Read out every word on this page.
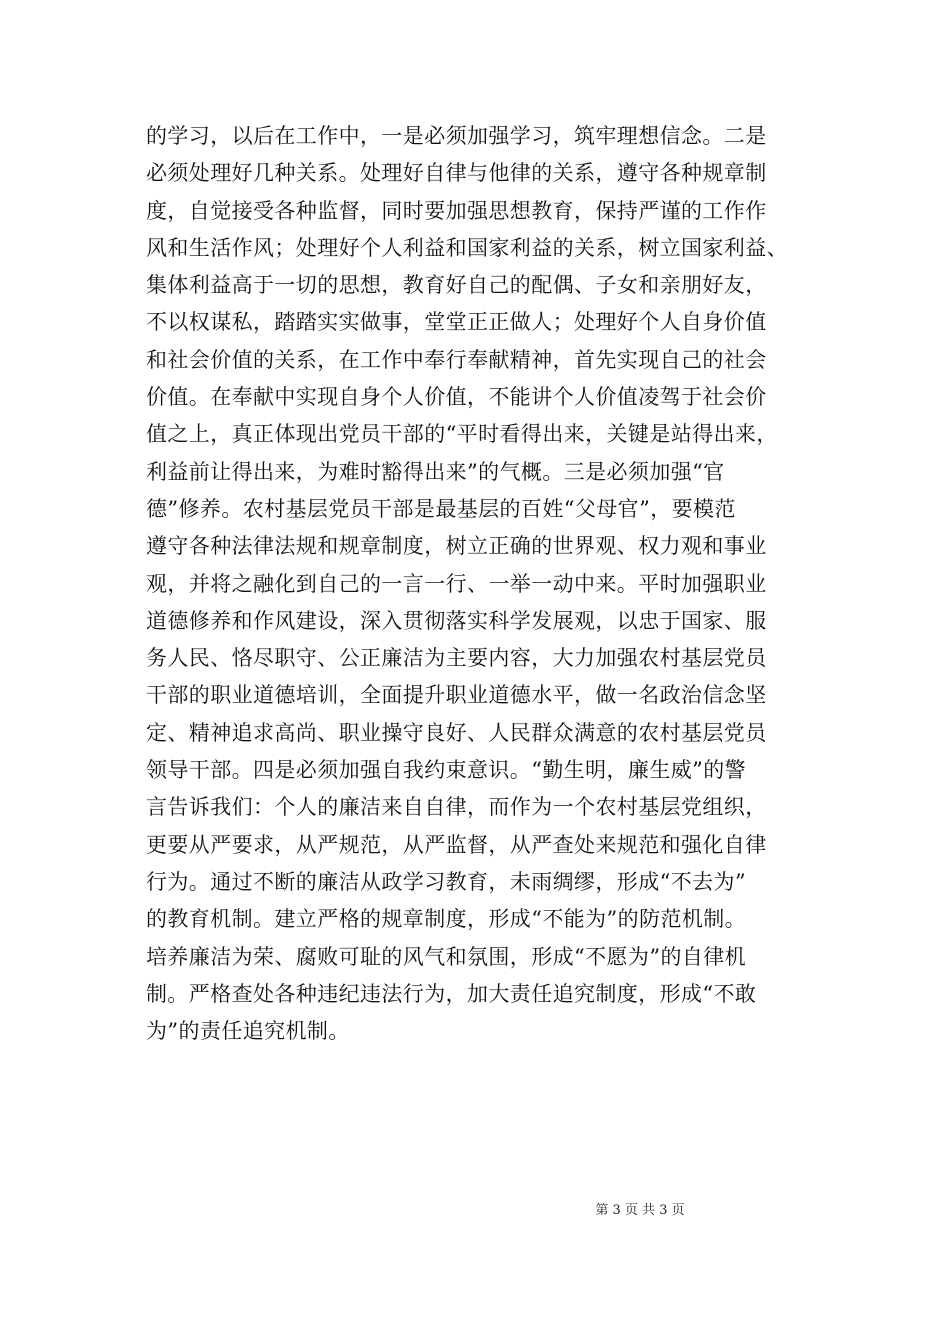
的学习，以后在工作中，一是必须加强学习，筑牢理想信念。二是
必须处理好几种关系。处理好自律与他律的关系，遵守各种规章制
度，自觉接受各种监督，同时要加强思想教育，保持严谨的工作作
风和生活作风；处理好个人利益和国家利益的关系，树立国家利益、
集体利益高于一切的思想，教育好自己的配偶、子女和亲朋好友，
不以权谋私，踏踏实实做事，堂堂正正做人；处理好个人自身价值
和社会价值的关系，在工作中奉行奉献精神，首先实现自己的社会
价值。在奉献中实现自身个人价值，不能讲个人价值凌驾于社会价
值之上，真正体现出党员干部的“平时看得出来，关键是站得出来，
利益前让得出来，为难时豁得出来”的气概。三是必须加强“官
德”修养。农村基层党员干部是最基层的百姓“父母官”，要模范
遵守各种法律法规和规章制度，树立正确的世界观、权力观和事业
观，并将之融化到自己的一言一行、一举一动中来。平时加强职业
道德修养和作风建设，深入贯彻落实科学发展观，以忠于国家、服
务人民、恪尽职守、公正廉洁为主要内容，大力加强农村基层党员
干部的职业道德培训，全面提升职业道德水平，做一名政治信念坚
定、精神追求高尚、职业操守良好、人民群众满意的农村基层党员
领导干部。四是必须加强自我约束意识。“勤生明，廉生威”的警
言告诉我们：个人的廉洁来自自律，而作为一个农村基层党组织，
更要从严要求，从严规范，从严监督，从严查处来规范和强化自律
行为。通过不断的廉洁从政学习教育，未雨绸缪，形成“不去为”
的教育机制。建立严格的规章制度，形成“不能为”的防范机制。
培养廉洁为荣、腐败可耻的风气和氛围，形成“不愿为”的自律机
制。严格查处各种违纪违法行为，加大责任追究制度，形成“不敢
为”的责任追究机制。
第 3 页 共 3 页
